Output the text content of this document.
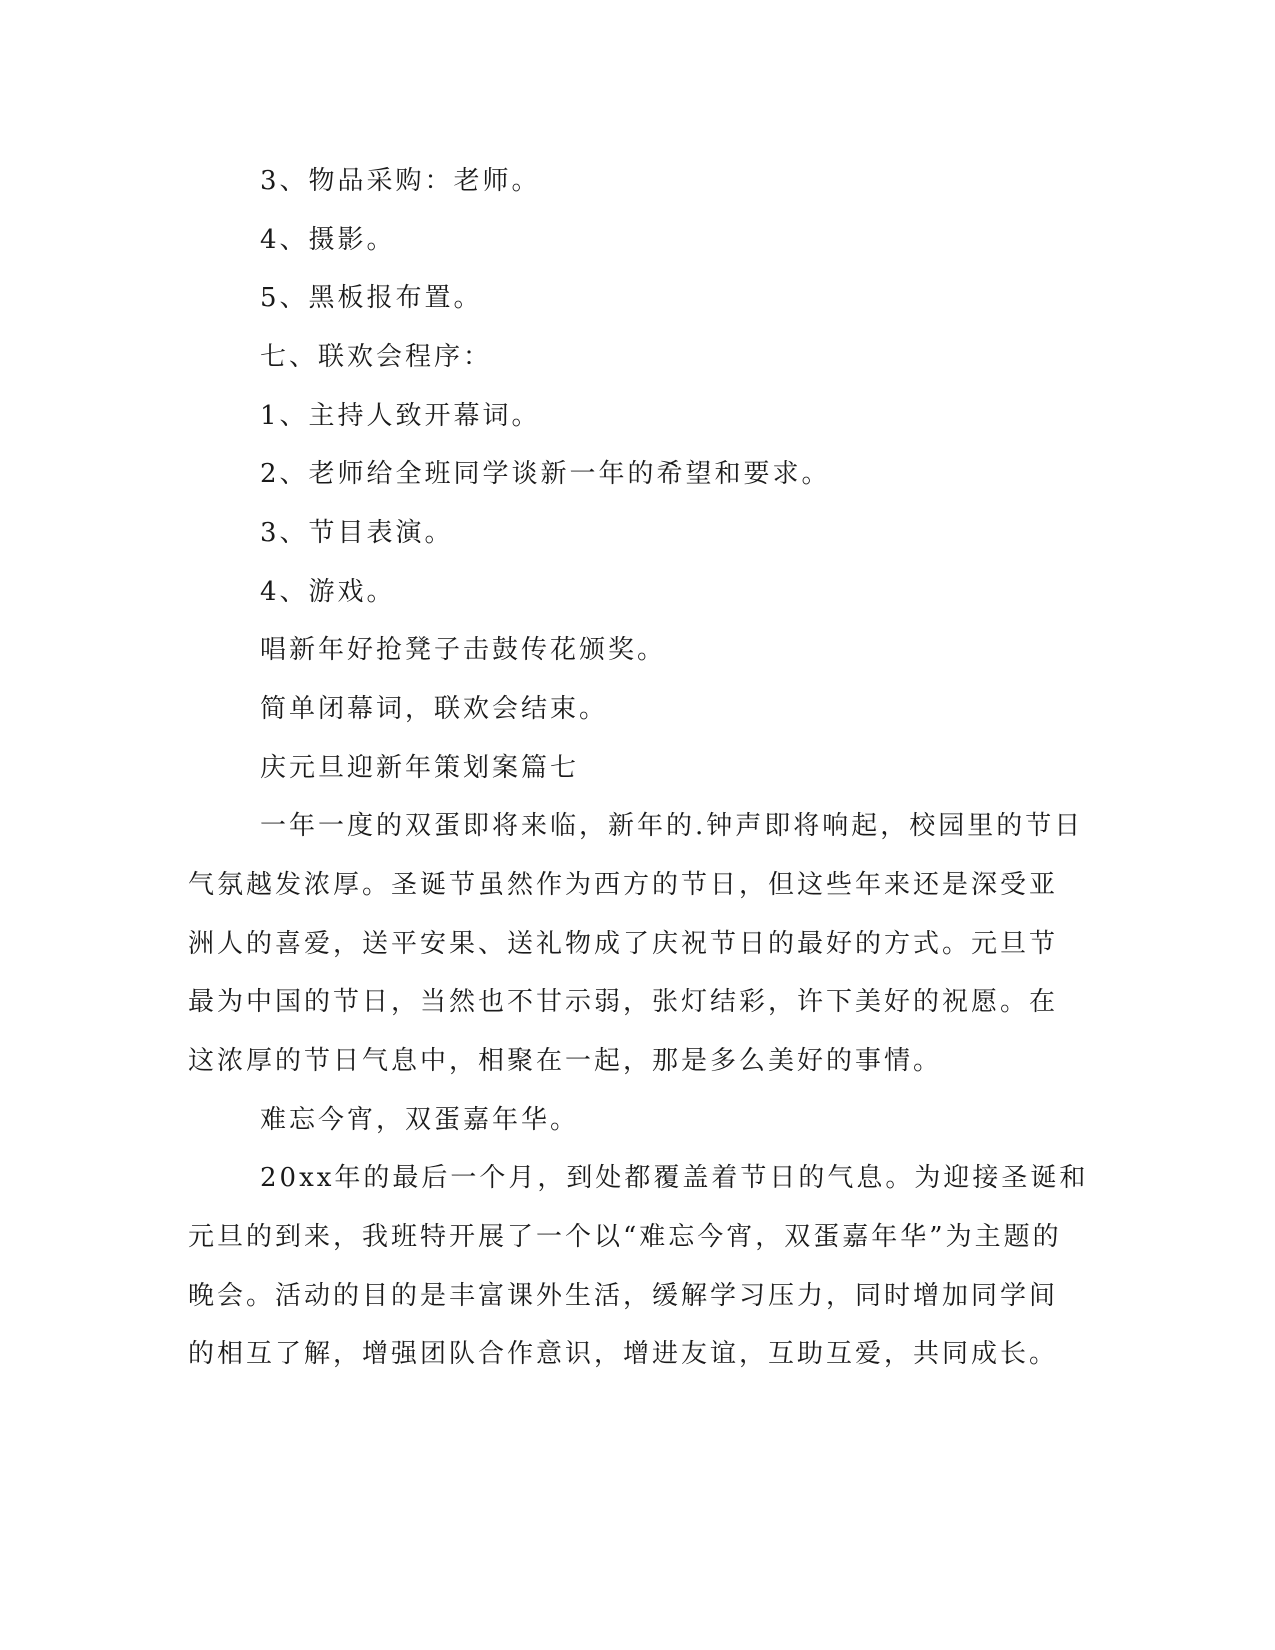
3、物品采购：老师。
4、摄影。
5、黑板报布置。
七、联欢会程序：
1、主持人致开幕词。
2、老师给全班同学谈新一年的希望和要求。
3、节目表演。
4、游戏。
唱新年好抢凳子击鼓传花颁奖。
简单闭幕词，联欢会结束。
庆元旦迎新年策划案篇七
一年一度的双蛋即将来临，新年的.钟声即将响起，校园里的节日
气氛越发浓厚。圣诞节虽然作为西方的节日，但这些年来还是深受亚
洲人的喜爱，送平安果、送礼物成了庆祝节日的最好的方式。元旦节
最为中国的节日，当然也不甘示弱，张灯结彩，许下美好的祝愿。在
这浓厚的节日气息中，相聚在一起，那是多么美好的事情。
难忘今宵，双蛋嘉年华。
20xx年的最后一个月，到处都覆盖着节日的气息。为迎接圣诞和
元旦的到来，我班特开展了一个以“难忘今宵，双蛋嘉年华”为主题的
晚会。活动的目的是丰富课外生活，缓解学习压力，同时增加同学间
的相互了解，增强团队合作意识，增进友谊，互助互爱，共同成长。
